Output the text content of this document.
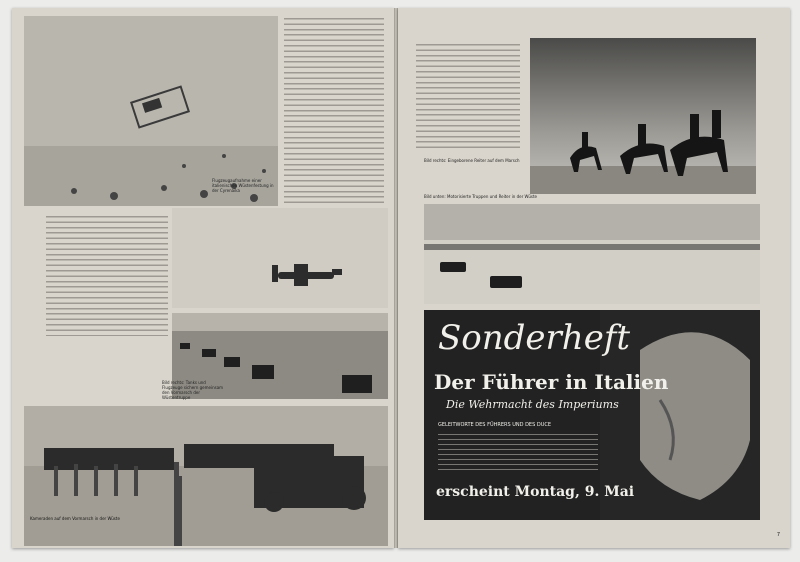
Flugzeugaufnahme einer italienischen Wüstenfestung in der Cyrenaika
Bild rechts: Tanks und Flugzeuge sichern gemeinsam den Vormarsch der Wüstentruppe
Kameraden auf dem Vormarsch in der Wüste
Bild rechts: Eingeborene Reiter auf dem Marsch
Bild unten: Motorisierte Truppen und Reiter in der Wüste
Sonderheft
Der Führer in Italien
Die Wehrmacht des Imperiums
GELEITWORTE DES FÜHRERS UND DES DUCE
erscheint Montag, 9. Mai
7
